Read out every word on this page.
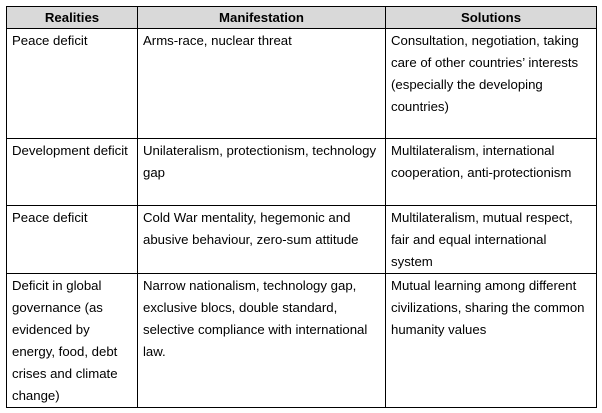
Realities	Manifestation	Solutions
Peace deficit	Arms-race, nuclear threat	Consultation, negotiation, taking care of other countries’ interests (especially the developing countries)
Development deficit	Unilateralism, protectionism, technology gap	Multilateralism, international cooperation, anti-protectionism
Peace deficit	Cold War mentality, hegemonic and abusive behaviour, zero-sum attitude	Multilateralism, mutual respect, fair and equal international system
Deficit in global governance (as evidenced by energy, food, debt crises and climate change)	Narrow nationalism, technology gap, exclusive blocs, double standard, selective compliance with international law.	Mutual learning among different civilizations, sharing the common humanity values
